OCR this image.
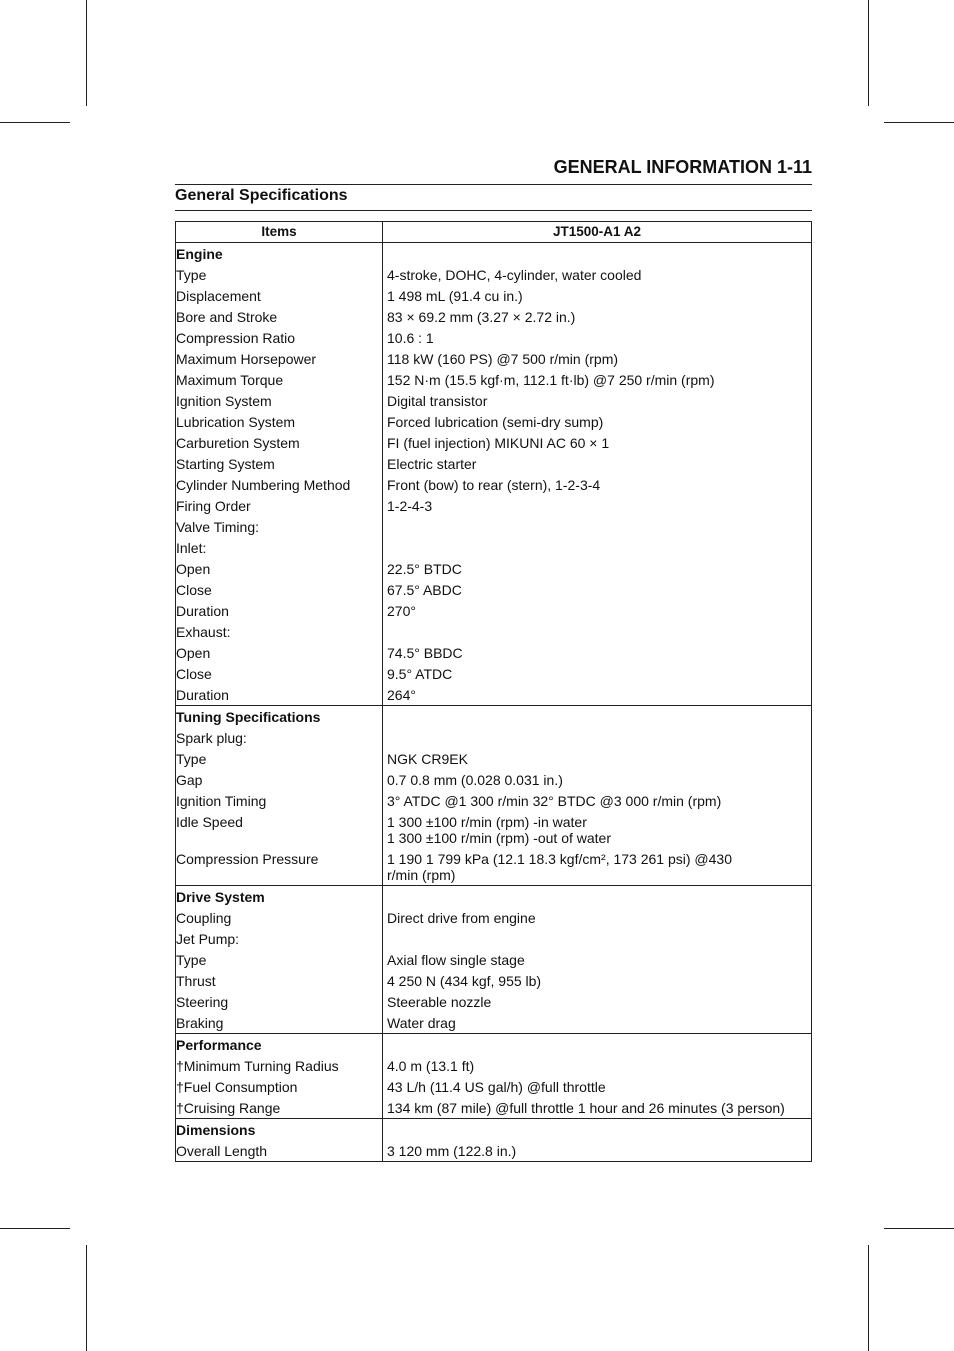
GENERAL INFORMATION 1-11
General Specifications
Items	JT1500-A1 A2
Engine	

Type	4-stroke, DOHC, 4-cylinder, water cooled

Displacement	1 498 mL (91.4 cu in.)

Bore and Stroke	83 × 69.2 mm (3.27 × 2.72 in.)

Compression Ratio	10.6 : 1

Maximum Horsepower	118 kW (160 PS) @7 500 r/min (rpm)

Maximum Torque	152 N·m (15.5 kgf·m, 112.1 ft·lb) @7 250 r/min (rpm)

Ignition System	Digital transistor

Lubrication System	Forced lubrication (semi-dry sump)

Carburetion System	FI (fuel injection) MIKUNI AC 60 × 1

Starting System	Electric starter

Cylinder Numbering Method	Front (bow) to rear (stern), 1-2-3-4

Firing Order	1-2-4-3

Valve Timing:	

Inlet:	

Open	22.5° BTDC

Close	67.5° ABDC

Duration	270°

Exhaust:	

Open	74.5° BBDC

Close	9.5° ATDC

Duration	264°

Tuning Specifications	

Spark plug:	

Type	NGK CR9EK

Gap	0.7 0.8 mm (0.028 0.031 in.)

Ignition Timing	3° ATDC @1 300 r/min 32° BTDC @3 000 r/min (rpm)

Idle Speed	1 300 ±100 r/min (rpm) -in water
1 300 ±100 r/min (rpm) -out of water

Compression Pressure	1 190 1 799 kPa (12.1 18.3 kgf/cm², 173 261 psi) @430
r/min (rpm)

Drive System	

Coupling	Direct drive from engine

Jet Pump:	

Type	Axial flow single stage

Thrust	4 250 N (434 kgf, 955 lb)

Steering	Steerable nozzle

Braking	Water drag

Performance	

†Minimum Turning Radius	4.0 m (13.1 ft)

†Fuel Consumption	43 L/h (11.4 US gal/h) @full throttle

†Cruising Range	134 km (87 mile) @full throttle 1 hour and 26 minutes (3 person)

Dimensions	

Overall Length	3 120 mm (122.8 in.)
